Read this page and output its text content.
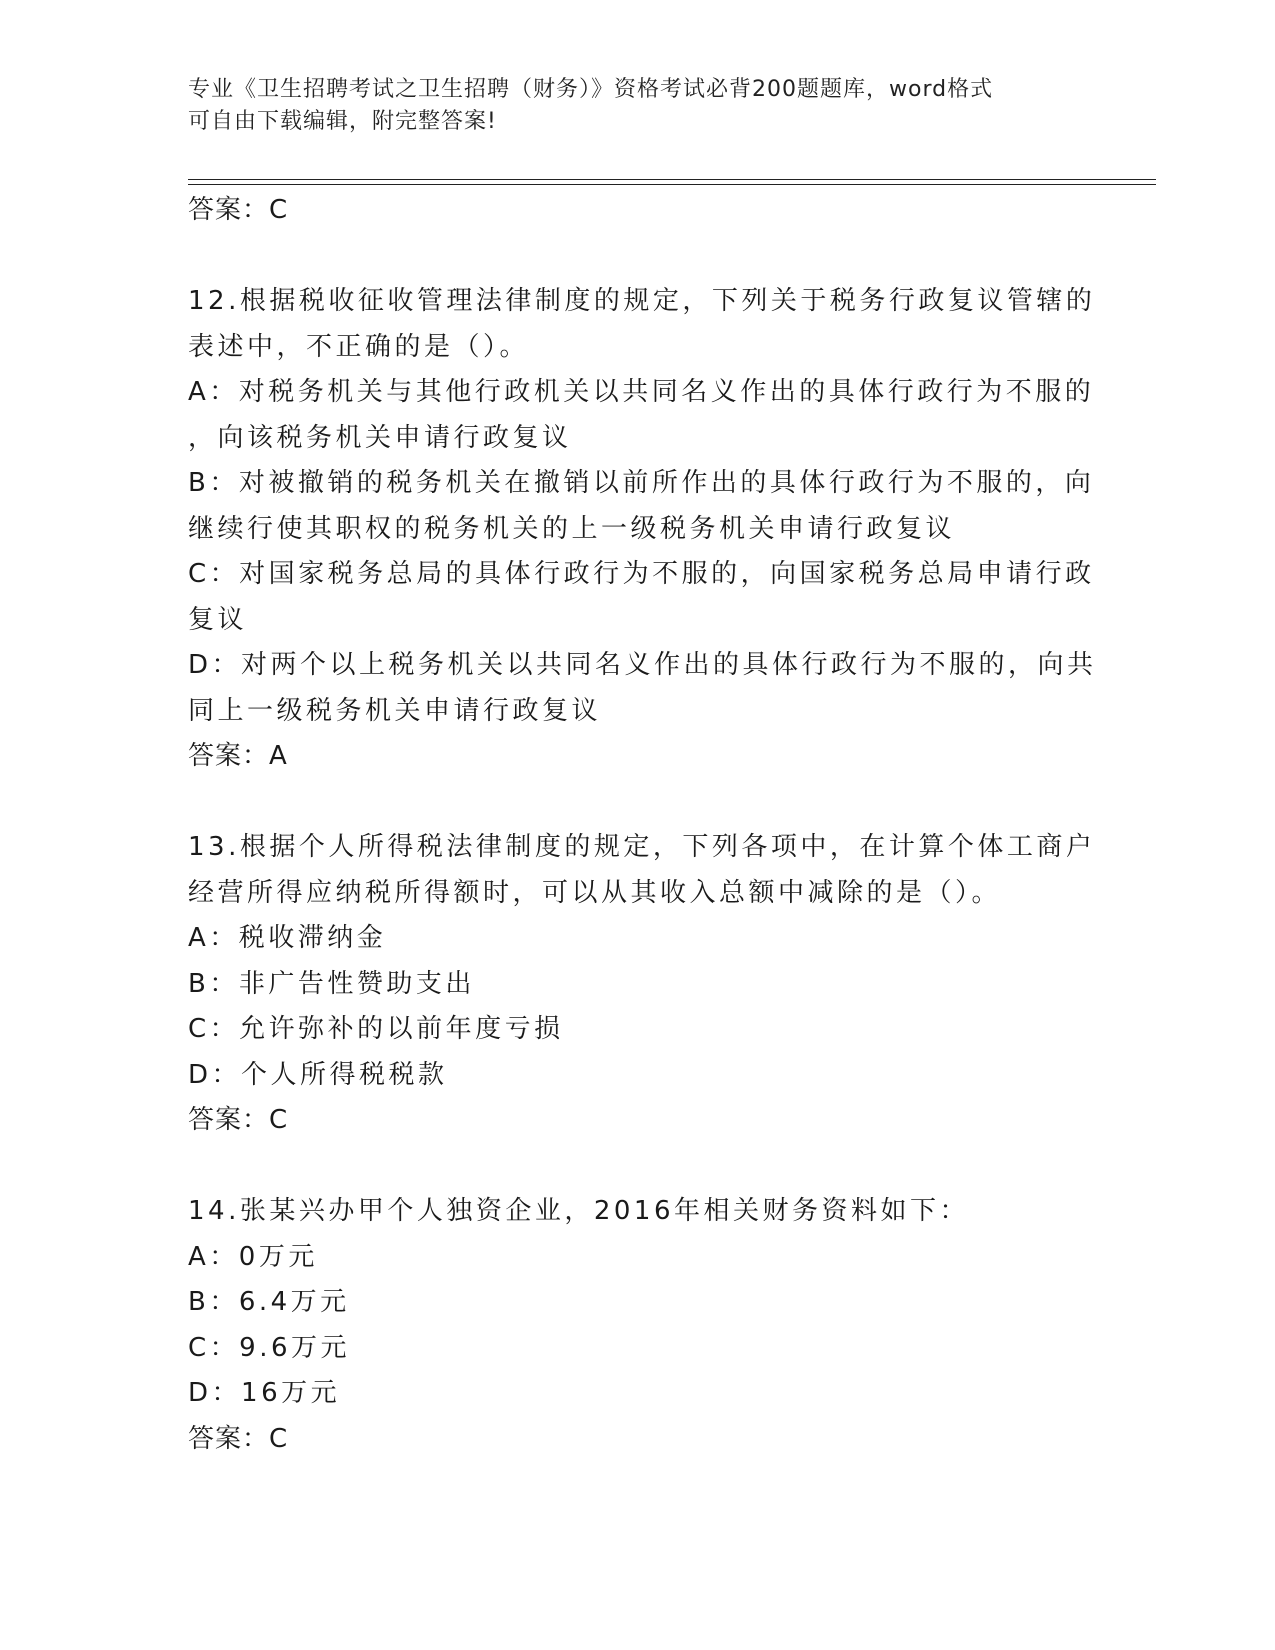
专业《卫生招聘考试之卫生招聘（财务）》资格考试必背200题题库，word格式
可自由下载编辑，附完整答案!
答案：C
12.根据税收征收管理法律制度的规定，下列关于税务行政复议管辖的
表述中，不正确的是（）。
A：对税务机关与其他行政机关以共同名义作出的具体行政行为不服的
，向该税务机关申请行政复议
B：对被撤销的税务机关在撤销以前所作出的具体行政行为不服的，向
继续行使其职权的税务机关的上一级税务机关申请行政复议
C：对国家税务总局的具体行政行为不服的，向国家税务总局申请行政
复议
D：对两个以上税务机关以共同名义作出的具体行政行为不服的，向共
同上一级税务机关申请行政复议
答案：A
13.根据个人所得税法律制度的规定，下列各项中，在计算个体工商户
经营所得应纳税所得额时，可以从其收入总额中减除的是（）。
A：税收滞纳金
B：非广告性赞助支出
C：允许弥补的以前年度亏损
D：个人所得税税款
答案：C
14.张某兴办甲个人独资企业，2016年相关财务资料如下：
A：0万元
B：6.4万元
C：9.6万元
D：16万元
答案：C
